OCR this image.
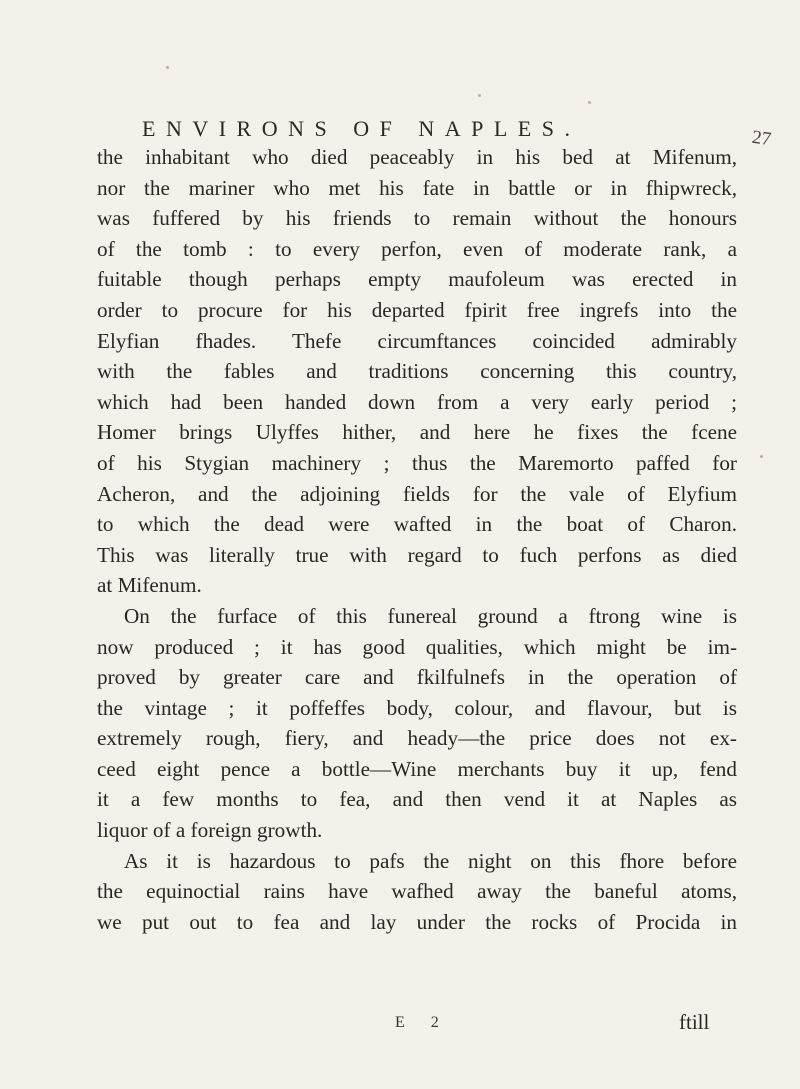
ENVIRONS OF NAPLES.	27
the inhabitant who died peaceably in his bed at Mifenum,
nor the mariner who met his fate in battle or in fhipwreck,
was fuffered by his friends to remain without the honours
of the tomb : to every perfon, even of moderate rank, a
fuitable though perhaps empty maufoleum was erected in
order to procure for his departed fpirit free ingrefs into the
Elyfian fhades. Thefe circumftances coincided admirably
with the fables and traditions concerning this country,
which had been handed down from a very early period ;
Homer brings Ulyffes hither, and here he fixes the fcene
of his Stygian machinery ; thus the Maremorto paffed for
Acheron, and the adjoining fields for the vale of Elyfium
to which the dead were wafted in the boat of Charon.
This was literally true with regard to fuch perfons as died
at Mifenum.
On the furface of this funereal ground a ftrong wine is
now produced ; it has good qualities, which might be im-
proved by greater care and fkilfulnefs in the operation of
the vintage ; it poffeffes body, colour, and flavour, but is
extremely rough, fiery, and heady—the price does not ex-
ceed eight pence a bottle—Wine merchants buy it up, fend
it a few months to fea, and then vend it at Naples as
liquor of a foreign growth.
As it is hazardous to pafs the night on this fhore before
the equinoctial rains have wafhed away the baneful atoms,
we put out to fea and lay under the rocks of Procida in
E 2	ftill
